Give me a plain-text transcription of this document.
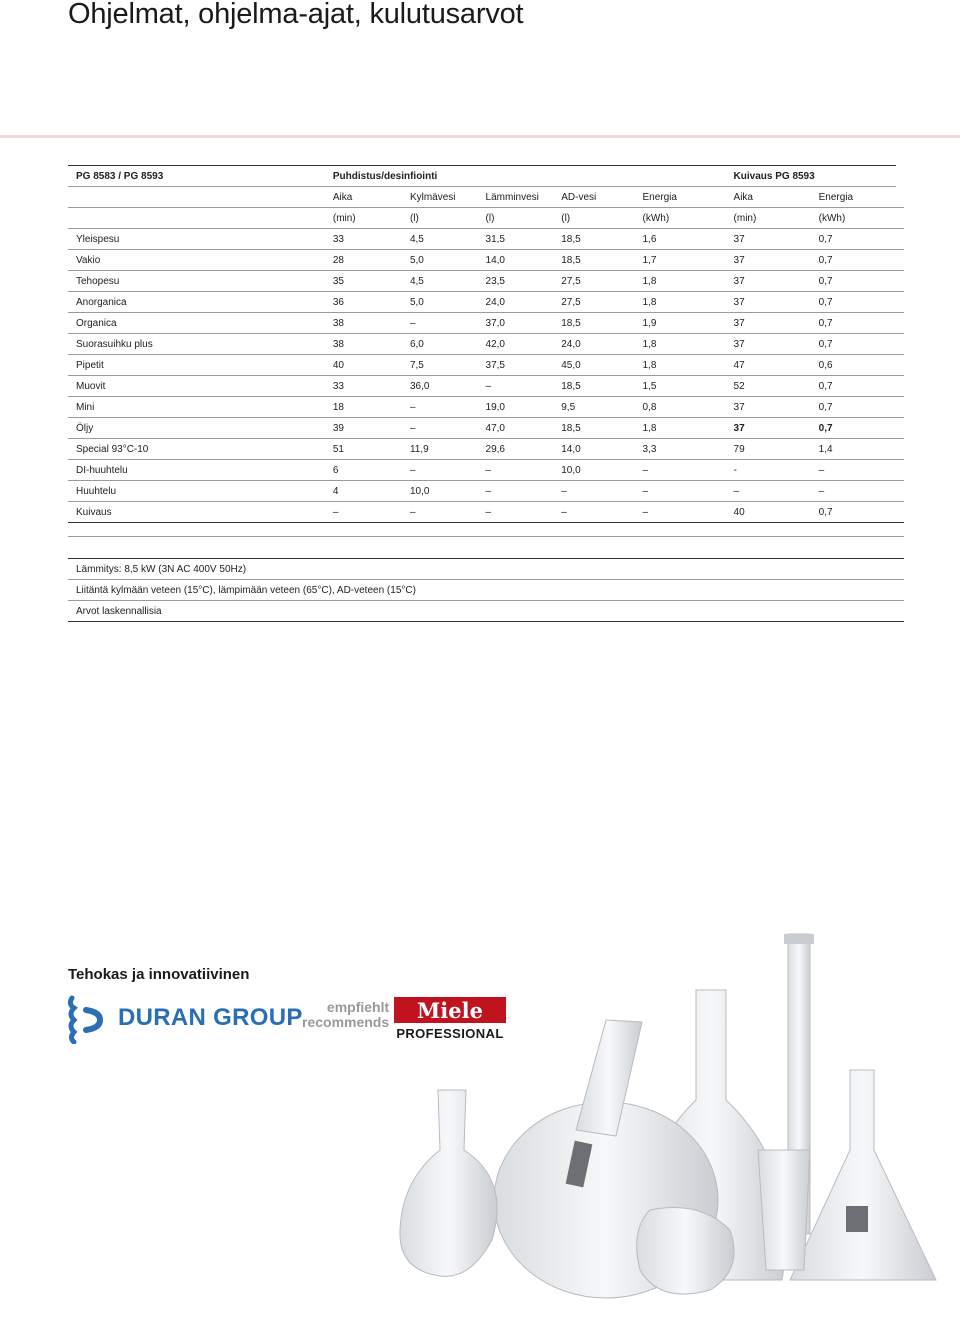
Ohjelmat, ohjelma-ajat, kulutusarvot
PG 8583 / PG 8593	Puhdistus/desinfiointi					Kuivaus PG 8593		
	Aika	Kylmävesi	Lämminvesi	AD-vesi	Energia	Aika	Energia	
	(min)	(l)	(l)	(l)	(kWh)	(min)	(kWh)	
Yleispesu	33	4,5	31,5	18,5	1,6	37	0,7	
Vakio	28	5,0	14,0	18,5	1,7	37	0,7	
Tehopesu	35	4,5	23,5	27,5	1,8	37	0,7	
Anorganica	36	5,0	24,0	27,5	1,8	37	0,7	
Organica	38	–	37,0	18,5	1,9	37	0,7	
Suorasuihku plus	38	6,0	42,0	24,0	1,8	37	0,7	
Pipetit	40	7,5	37,5	45,0	1,8	47	0,6	
Muovit	33	36,0	–	18,5	1,5	52	0,7	
Mini	18	–	19,0	9,5	0,8	37	0,7	
Öljy	39	–	47,0	18,5	1,8	37	0,7	
Special 93°C-10	51	11,9	29,6	14,0	3,3	79	1,4	
DI-huuhtelu	6	–	–	10,0	–	-	–	
Huuhtelu	4	10,0	–	–	–	–	–	
Kuivaus	–	–	–	–	–	40	0,7	
Lämmitys: 8,5 kW (3N AC 400V 50Hz)
Liitäntä kylmään veteen (15°C), lämpimään veteen (65°C), AD-veteen (15°C)
Arvot laskennallisia
Tehokas ja innovatiivinen
DURAN GROUP	empfiehlt
recommends	Miele
PROFESSIONAL
